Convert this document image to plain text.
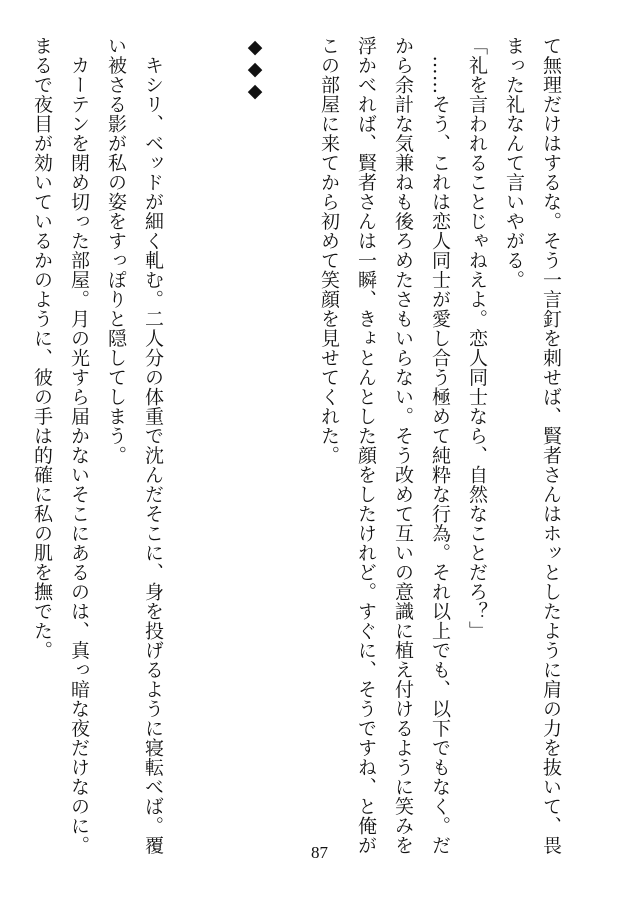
て無理だけはするな。そう一言釘を刺せば、賢者さんはホッとしたように肩の力を抜いて、畏
まった礼なんて言いやがる。
「礼を言われることじゃねえよ。恋人同士なら、自然なことだろ？」
　……そう、これは恋人同士が愛し合う極めて純粋な行為。それ以上でも、以下でもなく。だ
から余計な気兼ねも後ろめたさもいらない。そう改めて互いの意識に植え付けるように笑みを
浮かべれば、賢者さんは一瞬、きょとんとした顔をしたけれど。すぐに、そうですね、と俺が
この部屋に来てから初めて笑顔を見せてくれた。
◆◆◆
　キシリ、ベッドが細く軋む。二人分の体重で沈んだそこに、身を投げるように寝転べば。覆
い被さる影が私の姿をすっぽりと隠してしまう。
　カーテンを閉め切った部屋。月の光すら届かないそこにあるのは、真っ暗な夜だけなのに。
まるで夜目が効いているかのように、彼の手は的確に私の肌を撫でた。
87
